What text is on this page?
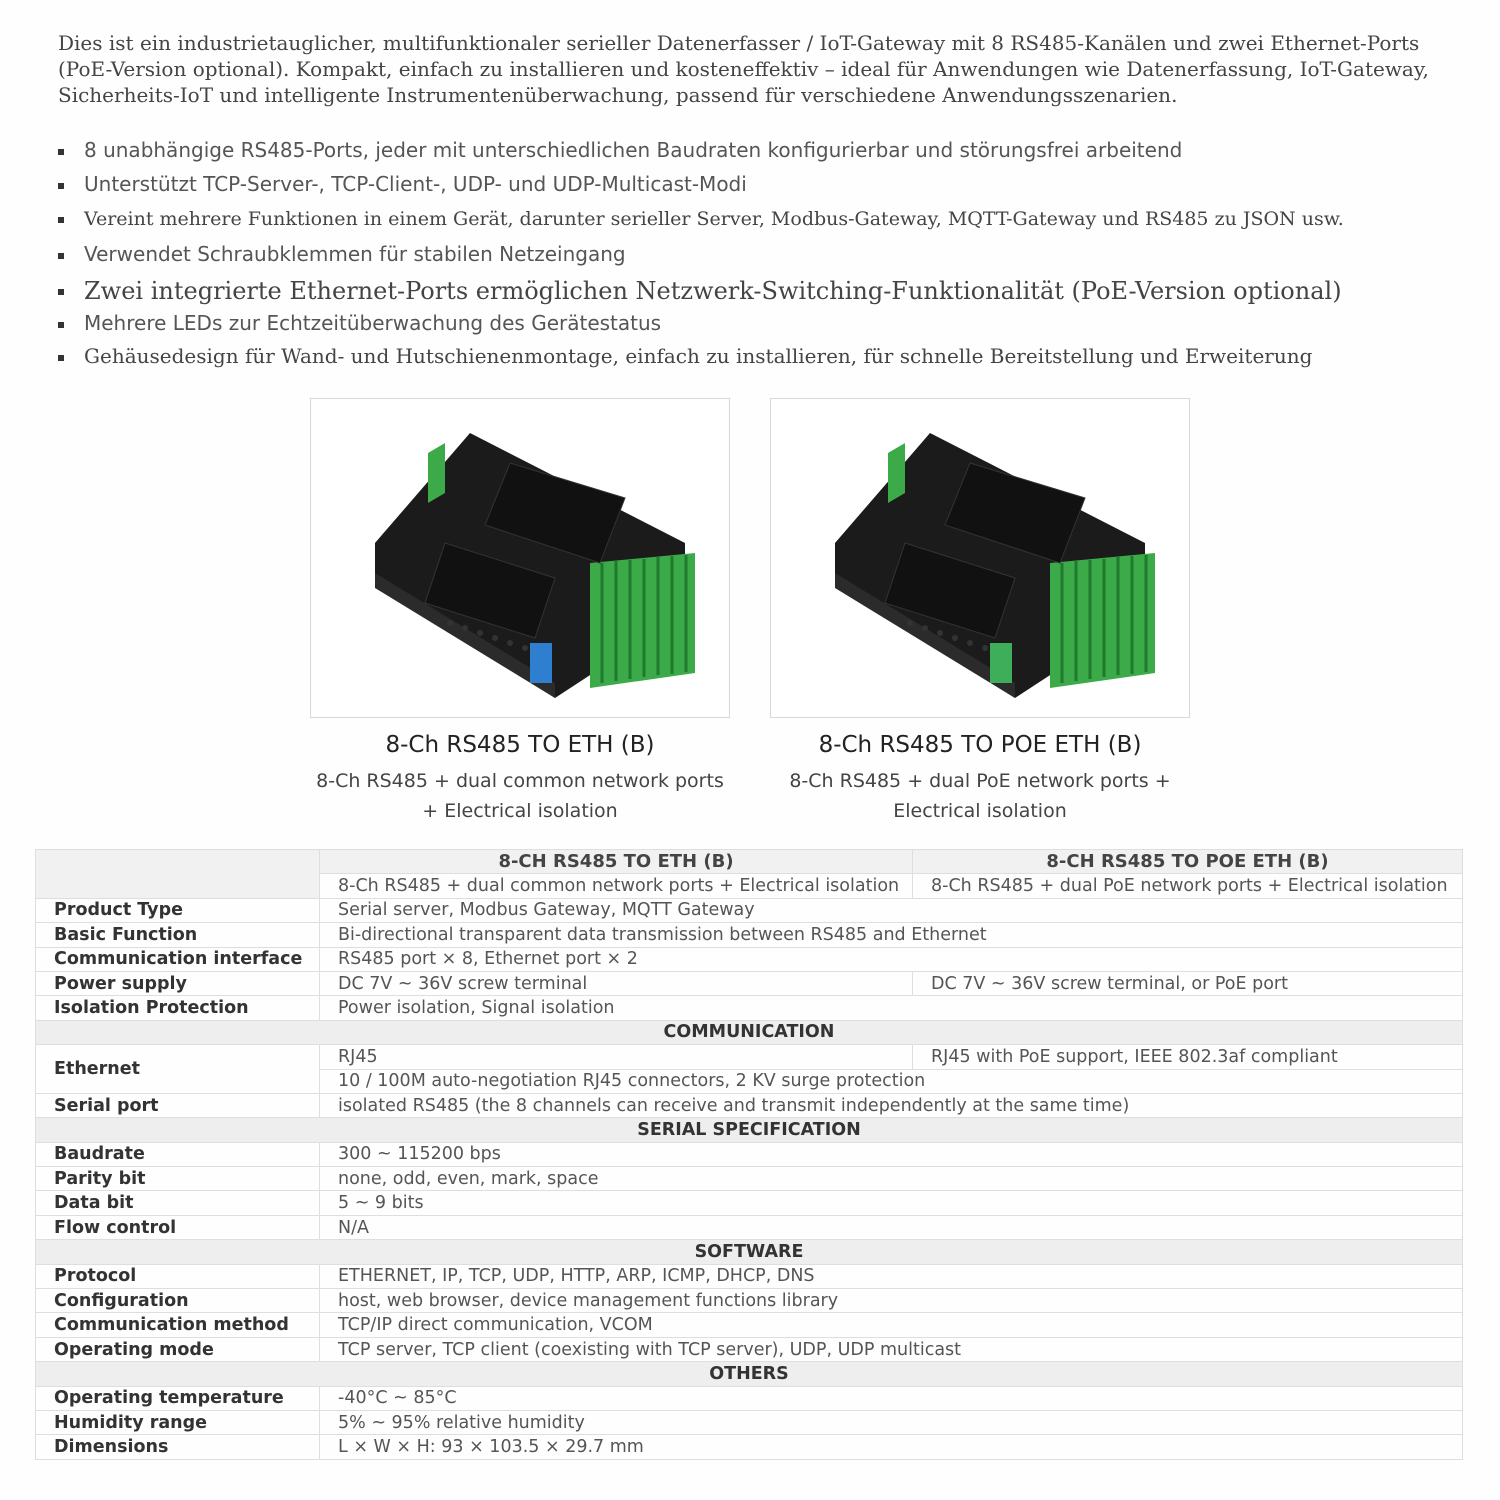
Dies ist ein industrietauglicher, multifunktionaler serieller Datenerfasser / IoT-Gateway mit 8 RS485-Kanälen und zwei Ethernet-Ports (PoE-Version optional). Kompakt, einfach zu installieren und kosteneffektiv – ideal für Anwendungen wie Datenerfassung, IoT-Gateway, Sicherheits-IoT und intelligente Instrumentenüberwachung, passend für verschiedene Anwendungsszenarien.

8 unabhängige RS485-Ports, jeder mit unterschiedlichen Baudraten konfigurierbar und störungsfrei arbeitend
Unterstützt TCP-Server-, TCP-Client-, UDP- und UDP-Multicast-Modi
Vereint mehrere Funktionen in einem Gerät, darunter serieller Server, Modbus-Gateway, MQTT-Gateway und RS485 zu JSON usw.
Verwendet Schraubklemmen für stabilen Netzeingang
Zwei integrierte Ethernet-Ports ermöglichen Netzwerk-Switching-Funktionalität (PoE-Version optional)
Mehrere LEDs zur Echtzeitüberwachung des Gerätestatus
Gehäusedesign für Wand- und Hutschienenmontage, einfach zu installieren, für schnelle Bereitstellung und Erweiterung
8-Ch RS485 TO ETH (B)
8-Ch RS485 + dual common network ports
+ Electrical isolation
8-Ch RS485 TO POE ETH (B)
8-Ch RS485 + dual PoE network ports +
Electrical isolation
	8-CH RS485 TO ETH (B)	8-CH RS485 TO POE ETH (B)
	8-Ch RS485 + dual common network ports + Electrical isolation	8-Ch RS485 + dual PoE network ports + Electrical isolation
Product Type	Serial server, Modbus Gateway, MQTT Gateway	
Basic Function	Bi-directional transparent data transmission between RS485 and Ethernet	
Communication interface	RS485 port × 8, Ethernet port × 2	
Power supply	DC 7V ~ 36V screw terminal	DC 7V ~ 36V screw terminal, or PoE port
Isolation Protection	Power isolation, Signal isolation	
COMMUNICATION		
Ethernet	RJ45	RJ45 with PoE support, IEEE 802.3af compliant
	10 / 100M auto-negotiation RJ45 connectors, 2 KV surge protection	
Serial port	isolated RS485 (the 8 channels can receive and transmit independently at the same time)	
SERIAL SPECIFICATION		
Baudrate	300 ~ 115200 bps	
Parity bit	none, odd, even, mark, space	
Data bit	5 ~ 9 bits	
Flow control	N/A	
SOFTWARE		
Protocol	ETHERNET, IP, TCP, UDP, HTTP, ARP, ICMP, DHCP, DNS	
Configuration	host, web browser, device management functions library	
Communication method	TCP/IP direct communication, VCOM	
Operating mode	TCP server, TCP client (coexisting with TCP server), UDP, UDP multicast	
OTHERS		
Operating temperature	-40°C ~ 85°C	
Humidity range	5% ~ 95% relative humidity	
Dimensions	L × W × H: 93 × 103.5 × 29.7 mm	
